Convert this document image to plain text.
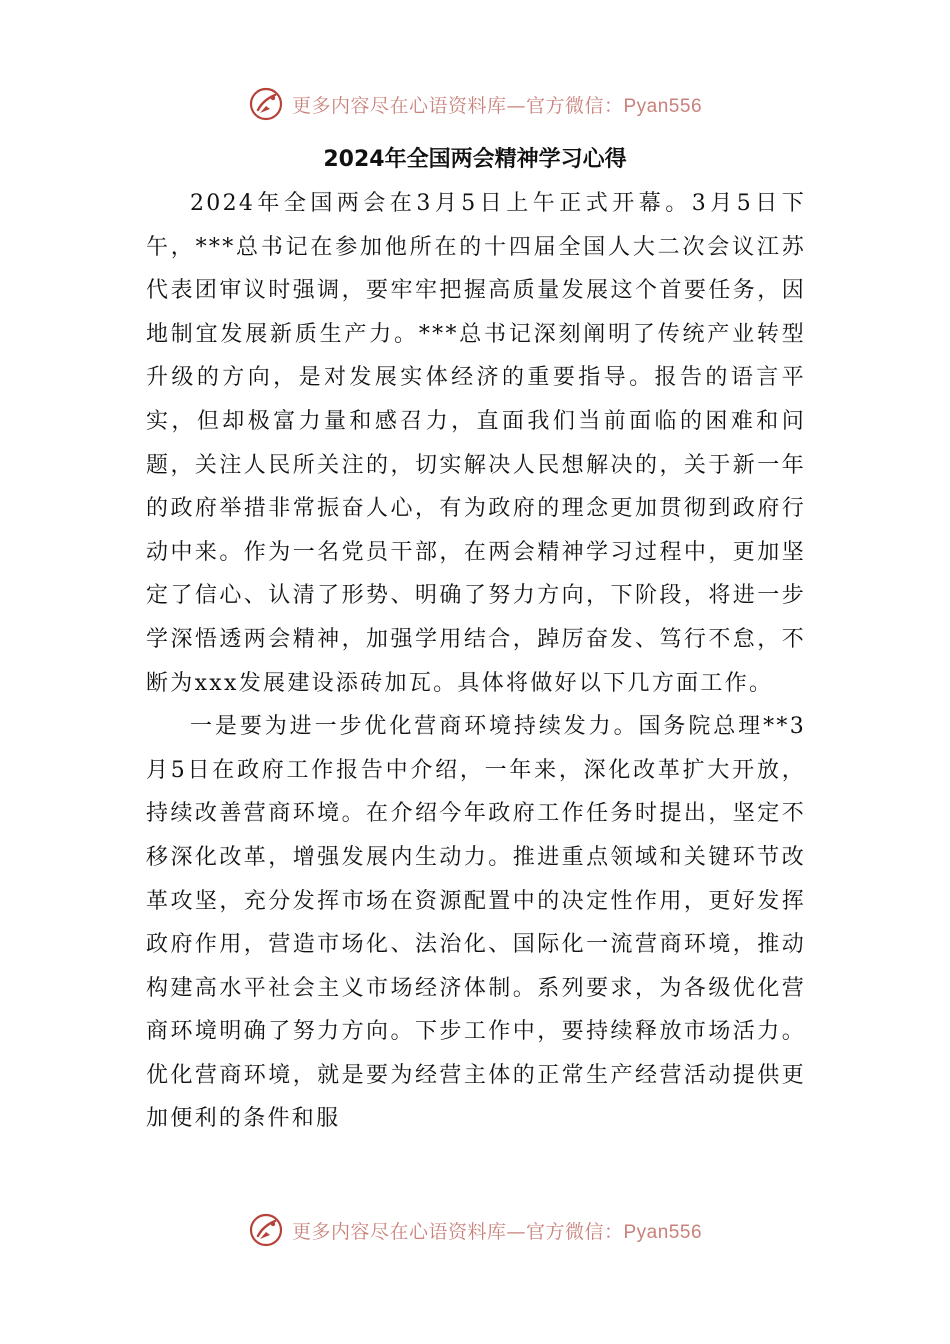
更多内容尽在心语资料库—官方微信：Pyan556
2024年全国两会精神学习心得

2024年全国两会在3月5日上午正式开幕。3月5日下午，***总书记在参加他所在的十四届全国人大二次会议江苏代表团审议时强调，要牢牢把握高质量发展这个首要任务，因地制宜发展新质生产力。***总书记深刻阐明了传统产业转型升级的方向，是对发展实体经济的重要指导。报告的语言平实，但却极富力量和感召力，直面我们当前面临的困难和问题，关注人民所关注的，切实解决人民想解决的，关于新一年的政府举措非常振奋人心，有为政府的理念更加贯彻到政府行动中来。作为一名党员干部，在两会精神学习过程中，更加坚定了信心、认清了形势、明确了努力方向，下阶段，将进一步学深悟透两会精神，加强学用结合，踔厉奋发、笃行不怠，不断为xxx发展建设添砖加瓦。具体将做好以下几方面工作。

一是要为进一步优化营商环境持续发力。国务院总理**3月5日在政府工作报告中介绍，一年来，深化改革扩大开放，持续改善营商环境。在介绍今年政府工作任务时提出，坚定不移深化改革，增强发展内生动力。推进重点领域和关键环节改革攻坚，充分发挥市场在资源配置中的决定性作用，更好发挥政府作用，营造市场化、法治化、国际化一流营商环境，推动构建高水平社会主义市场经济体制。系列要求，为各级优化营商环境明确了努力方向。下步工作中，要持续释放市场活力。优化营商环境，就是要为经营主体的正常生产经营活动提供更加便利的条件和服

更多内容尽在心语资料库—官方微信：Pyan556
